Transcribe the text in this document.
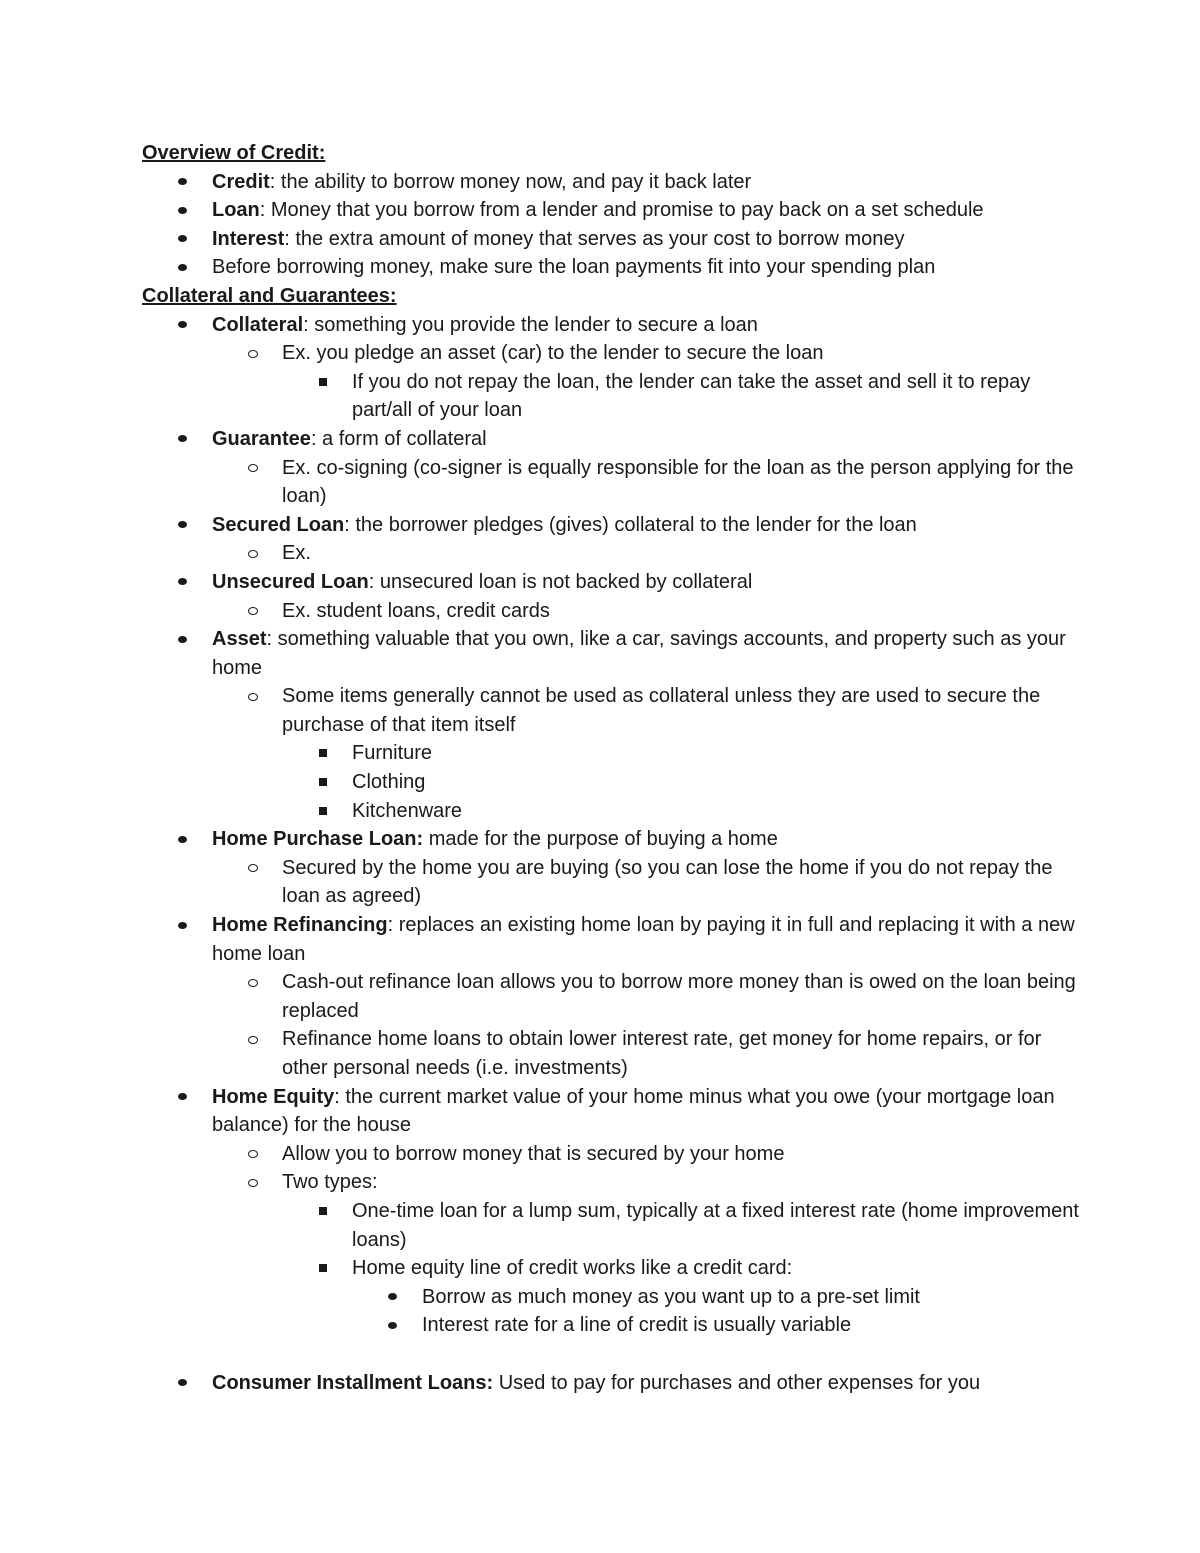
Overview of Credit:
Credit: the ability to borrow money now, and pay it back later
Loan: Money that you borrow from a lender and promise to pay back on a set schedule
Interest: the extra amount of money that serves as your cost to borrow money
Before borrowing money, make sure the loan payments fit into your spending plan
Collateral and Guarantees:
Collateral: something you provide the lender to secure a loan
Ex. you pledge an asset (car) to the lender to secure the loan
If you do not repay the loan, the lender can take the asset and sell it to repay part/all of your loan
Guarantee: a form of collateral
Ex. co-signing (co-signer is equally responsible for the loan as the person applying for the loan)
Secured Loan: the borrower pledges (gives) collateral to the lender for the loan
Ex.
Unsecured Loan: unsecured loan is not backed by collateral
Ex. student loans, credit cards
Asset: something valuable that you own, like a car, savings accounts, and property such as your home
Some items generally cannot be used as collateral unless they are used to secure the purchase of that item itself
Furniture
Clothing
Kitchenware
Home Purchase Loan: made for the purpose of buying a home
Secured by the home you are buying (so you can lose the home if you do not repay the loan as agreed)
Home Refinancing: replaces an existing home loan by paying it in full and replacing it with a new home loan
Cash-out refinance loan allows you to borrow more money than is owed on the loan being replaced
Refinance home loans to obtain lower interest rate, get money for home repairs, or for other personal needs (i.e. investments)
Home Equity: the current market value of your home minus what you owe (your mortgage loan balance) for the house
Allow you to borrow money that is secured by your home
Two types:
One-time loan for a lump sum, typically at a fixed interest rate (home improvement loans)
Home equity line of credit works like a credit card:
Borrow as much money as you want up to a pre-set limit
Interest rate for a line of credit is usually variable
Consumer Installment Loans: Used to pay for purchases and other expenses for you
